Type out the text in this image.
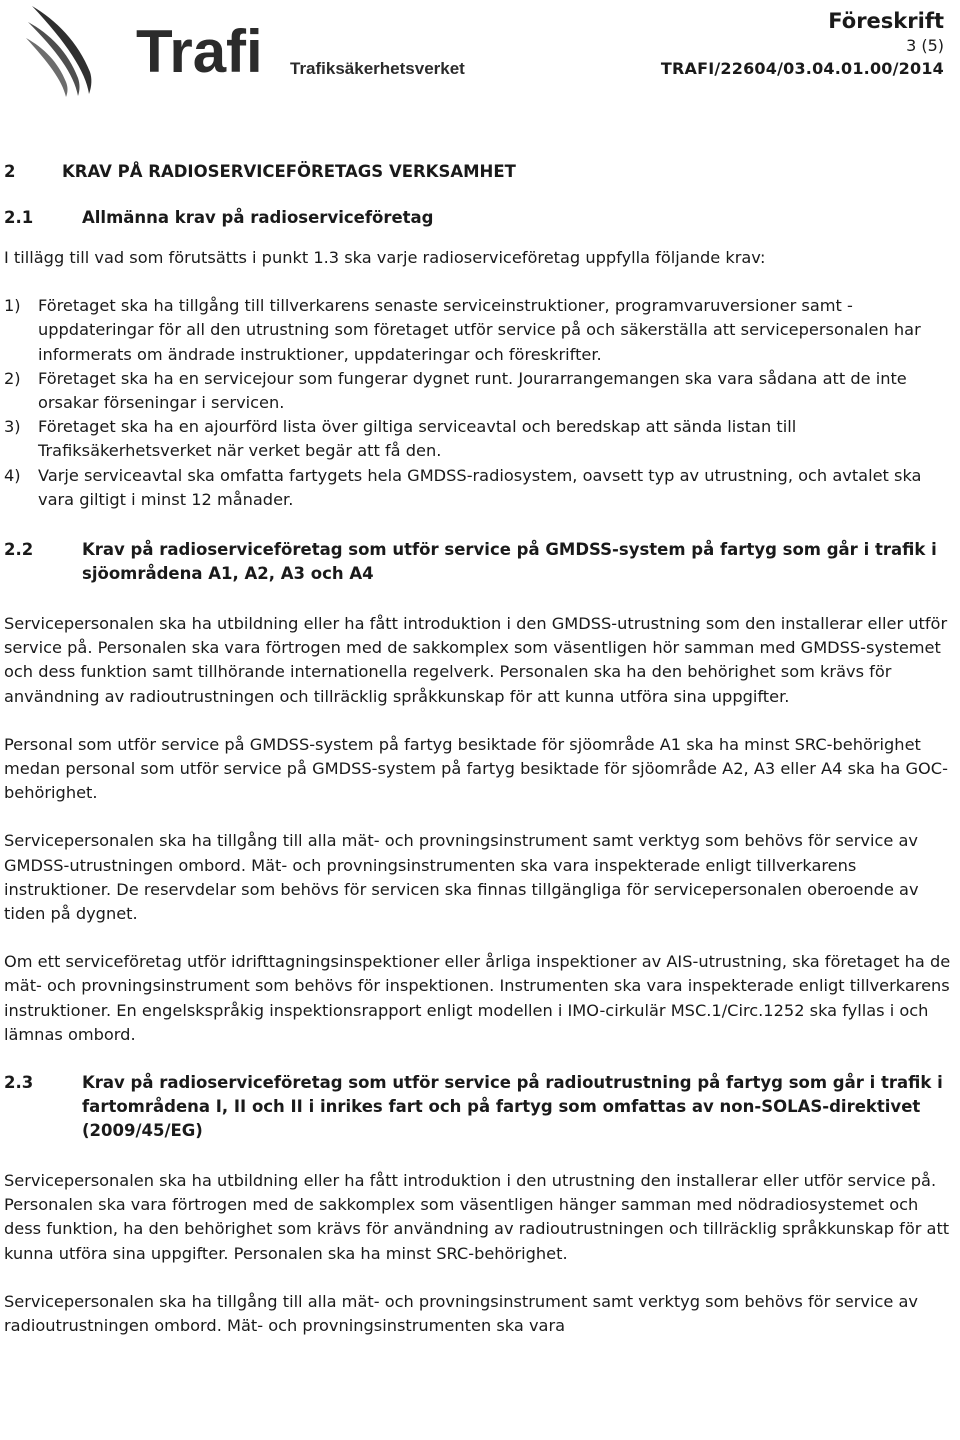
Trafi Trafiksäkerhetsverket
Föreskrift
3 (5)
TRAFI/22604/03.04.01.00/2014
2	KRAV PÅ RADIOSERVICEFÖRETAGS VERKSAMHET
2.1	Allmänna krav på radioserviceföretag

I tillägg till vad som förutsätts i punkt 1.3 ska varje radioserviceföretag uppfylla följande krav:

1)	Företaget ska ha tillgång till tillverkarens senaste serviceinstruktioner, programvaruversioner samt -uppdateringar för all den utrustning som företaget utför service på och säkerställa att servicepersonalen har informerats om ändrade instruktioner, uppdateringar och föreskrifter.
2)	Företaget ska ha en servicejour som fungerar dygnet runt. Jourarrangemangen ska vara sådana att de inte orsakar förseningar i servicen.
3)	Företaget ska ha en ajourförd lista över giltiga serviceavtal och beredskap att sända listan till Trafiksäkerhetsverket när verket begär att få den.
4)	Varje serviceavtal ska omfatta fartygets hela GMDSS-radiosystem, oavsett typ av utrustning, och avtalet ska vara giltigt i minst 12 månader.
2.2	Krav på radioserviceföretag som utför service på GMDSS-system på fartyg som går i trafik i sjöområdena A1, A2, A3 och A4

Servicepersonalen ska ha utbildning eller ha fått introduktion i den GMDSS-utrustning som den installerar eller utför service på. Personalen ska vara förtrogen med de sakkomplex som väsentligen hör samman med GMDSS-systemet och dess funktion samt tillhörande internationella regelverk. Personalen ska ha den behörighet som krävs för användning av radioutrustningen och tillräcklig språkkunskap för att kunna utföra sina uppgifter.

Personal som utför service på GMDSS-system på fartyg besiktade för sjöområde A1 ska ha minst SRC-behörighet medan personal som utför service på GMDSS-system på fartyg besiktade för sjöområde A2, A3 eller A4 ska ha GOC-behörighet.

Servicepersonalen ska ha tillgång till alla mät- och provningsinstrument samt verktyg som behövs för service av GMDSS-utrustningen ombord. Mät- och provningsinstrumenten ska vara inspekterade enligt tillverkarens instruktioner. De reservdelar som behövs för servicen ska finnas tillgängliga för servicepersonalen oberoende av tiden på dygnet.

Om ett serviceföretag utför idrifttagningsinspektioner eller årliga inspektioner av AIS-utrustning, ska företaget ha de mät- och provningsinstrument som behövs för inspektionen. Instrumenten ska vara inspekterade enligt tillverkarens instruktioner. En engelskspråkig inspektionsrapport enligt modellen i IMO-cirkulär MSC.1/Circ.1252 ska fyllas i och lämnas ombord.

2.3	Krav på radioserviceföretag som utför service på radioutrustning på fartyg som går i trafik i fartområdena I, II och II i inrikes fart och på fartyg som omfattas av non-SOLAS-direktivet (2009/45/EG)

Servicepersonalen ska ha utbildning eller ha fått introduktion i den utrustning den installerar eller utför service på. Personalen ska vara förtrogen med de sakkomplex som väsentligen hänger samman med nödradiosystemet och dess funktion, ha den behörighet som krävs för användning av radioutrustningen och tillräcklig språkkunskap för att kunna utföra sina uppgifter. Personalen ska ha minst SRC-behörighet.

Servicepersonalen ska ha tillgång till alla mät- och provningsinstrument samt verktyg som behövs för service av radioutrustningen ombord. Mät- och provningsinstrumenten ska vara
